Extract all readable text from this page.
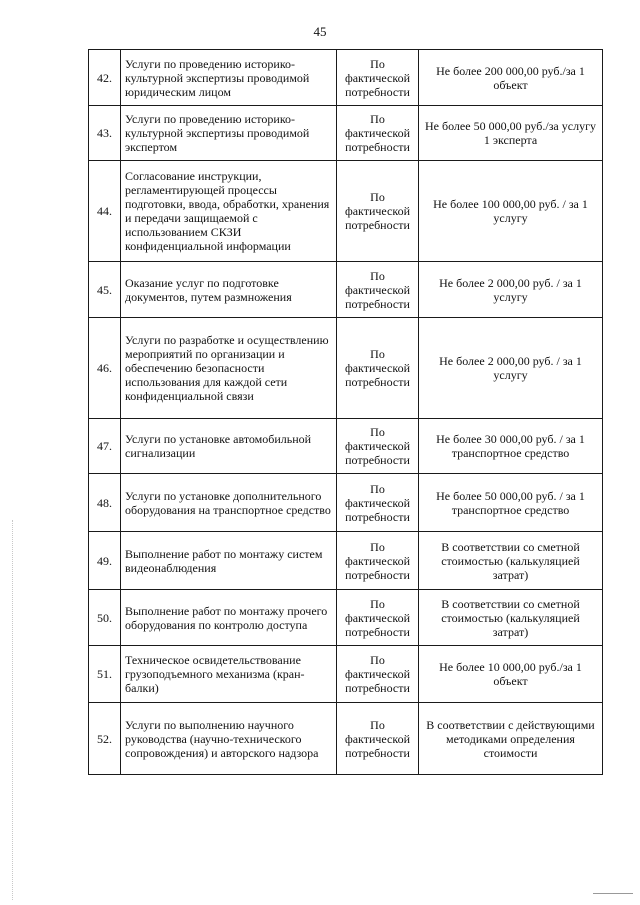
45
42.	Услуги по проведению историко-культурной экспертизы проводимой юридическим лицом	По фактической потребности	Не более 200 000,00 руб./за 1 объект
43.	Услуги по проведению историко-культурной экспертизы проводимой экспертом	По фактической потребности	Не более 50 000,00 руб./за услугу 1 эксперта
44.	Согласование инструкции, регламентирующей процессы подготовки, ввода, обработки, хранения и передачи защищаемой с использованием СКЗИ конфиденциальной информации	По фактической потребности	Не более 100 000,00 руб. / за 1 услугу
45.	Оказание услуг по подготовке документов, путем размножения	По фактической потребности	Не более 2 000,00 руб. / за 1 услугу
46.	Услуги по разработке и осуществлению мероприятий по организации и обеспечению безопасности использования для каждой сети конфиденциальной связи	По фактической потребности	Не более 2 000,00 руб. / за 1 услугу
47.	Услуги по установке автомобильной сигнализации	По фактической потребности	Не более 30 000,00 руб. / за 1 транспортное средство
48.	Услуги по установке дополнительного оборудования на транспортное средство	По фактической потребности	Не более 50 000,00 руб. / за 1 транспортное средство
49.	Выполнение работ по монтажу систем видеонаблюдения	По фактической потребности	В соответствии со сметной стоимостью (калькуляцией затрат)
50.	Выполнение работ по монтажу прочего оборудования по контролю доступа	По фактической потребности	В соответствии со сметной стоимостью (калькуляцией затрат)
51.	Техническое освидетельствование грузоподъемного механизма (кран-балки)	По фактической потребности	Не более 10 000,00 руб./за 1 объект
52.	Услуги по выполнению научного руководства (научно-технического сопровождения) и авторского надзора	По фактической потребности	В соответствии с действующими методиками определения стоимости
